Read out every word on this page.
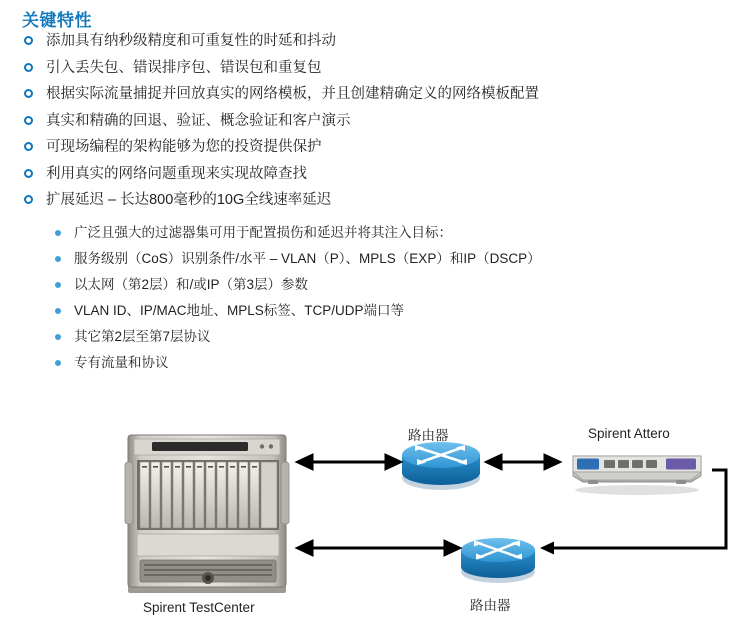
关键特性
添加具有纳秒级精度和可重复性的时延和抖动
引入丢失包、错误排序包、错误包和重复包
根据实际流量捕捉并回放真实的网络模板，并且创建精确定义的网络模板配置
真实和精确的回退、验证、概念验证和客户演示
可现场编程的架构能够为您的投资提供保护
利用真实的网络问题重现来实现故障查找
扩展延迟 – 长达800毫秒的10G全线速率延迟
广泛且强大的过滤器集可用于配置损伤和延迟并将其注入目标：
服务级别（CoS）识别条件/水平 – VLAN（P）、MPLS（EXP）和IP（DSCP）
以太网（第2层）和/或IP（第3层）参数
VLAN ID、IP/MAC地址、MPLS标签、TCP/UDP端口等
其它第2层至第7层协议
专有流量和协议
路由器
路由器
Spirent Attero
Spirent TestCenter
